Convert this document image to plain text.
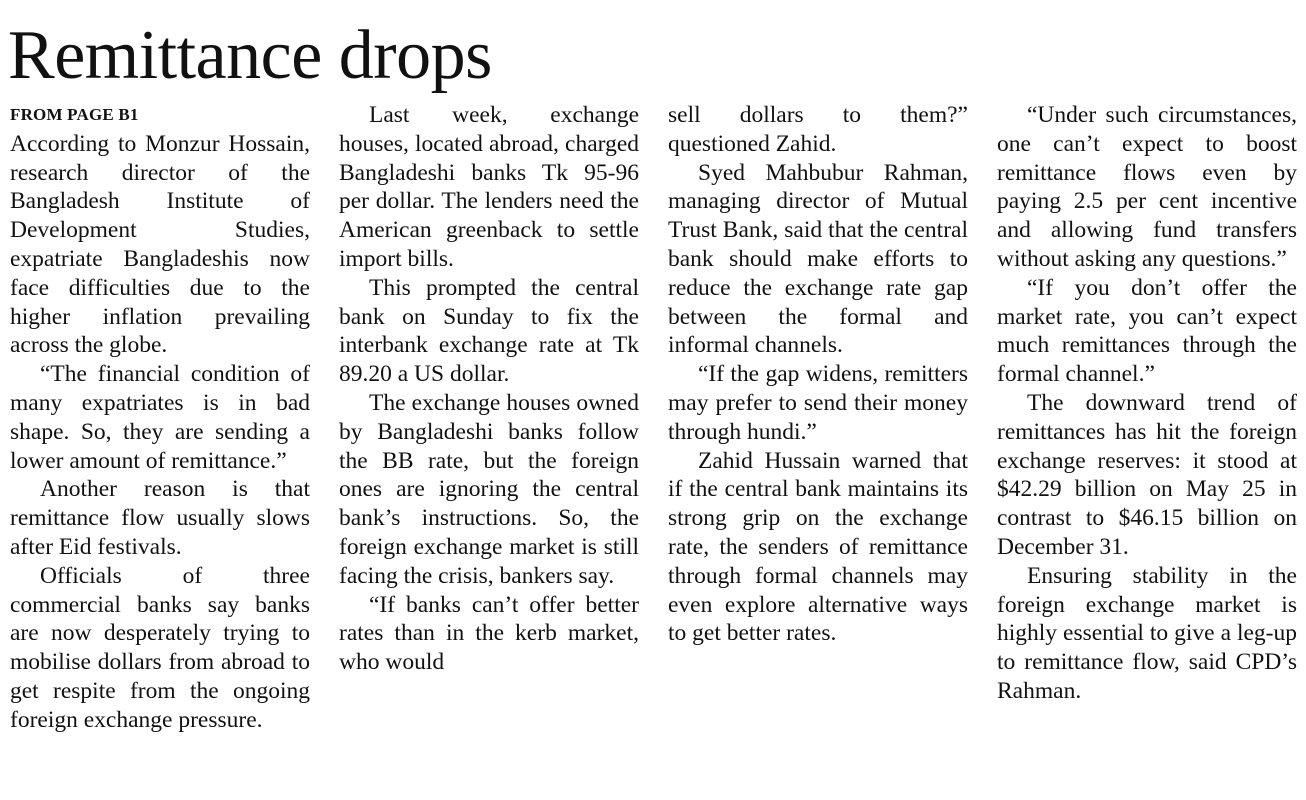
Remittance drops
FROM PAGE B1

According to Monzur Hossain, research director of the Bangladesh Institute of Development Studies, expatriate Bangladeshis now face difficulties due to the higher inflation prevailing across the globe.

“The financial condition of many expatriates is in bad shape. So, they are sending a lower amount of remittance.”

Another reason is that remittance flow usually slows after Eid festivals.

Officials of three commercial banks say banks are now desperately trying to mobilise dollars from abroad to get respite from the ongoing foreign exchange pressure.

Last week, exchange houses, located abroad, charged Bangladeshi banks Tk 95-96 per dollar. The lenders need the American greenback to settle import bills.

This prompted the central bank on Sunday to fix the interbank exchange rate at Tk 89.20 a US dollar.

The exchange houses owned by Bangladeshi banks follow the BB rate, but the foreign ones are ignoring the central bank’s instructions. So, the foreign exchange market is still facing the crisis, bankers say.

“If banks can’t offer better rates than in the kerb market, who would

sell dollars to them?” questioned Zahid.

Syed Mahbubur Rahman, managing director of Mutual Trust Bank, said that the central bank should make efforts to reduce the exchange rate gap between the formal and informal channels.

“If the gap widens, remitters may prefer to send their money through hundi.”

Zahid Hussain warned that if the central bank maintains its strong grip on the exchange rate, the senders of remittance through formal channels may even explore alternative ways to get better rates.

“Under such circumstances, one can’t expect to boost remittance flows even by paying 2.5 per cent incentive and allowing fund transfers without asking any questions.”

“If you don’t offer the market rate, you can’t expect much remittances through the formal channel.”

The downward trend of remittances has hit the foreign exchange reserves: it stood at $42.29 billion on May 25 in contrast to $46.15 billion on December 31.

Ensuring stability in the foreign exchange market is highly essential to give a leg-up to remittance flow, said CPD’s Rahman.
